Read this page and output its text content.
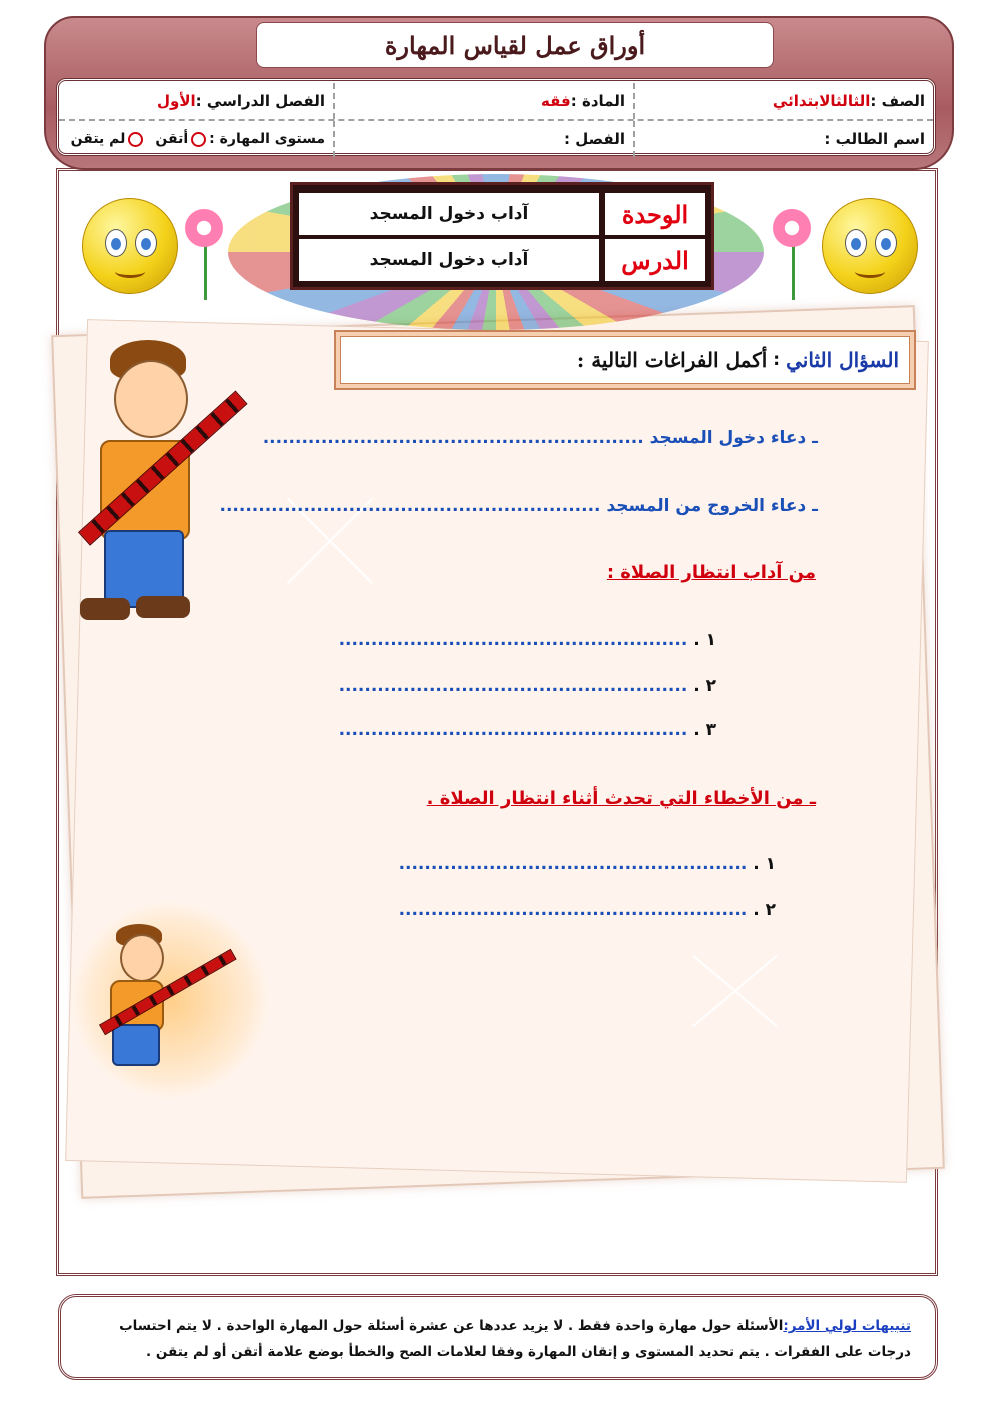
أوراق عمل لقياس المهارة
الصف :
الثالثالابتدائي
المادة :
فقه
الفصل الدراسي :
الأول
اسم الطالب :
الفصل :
مستوى المهارة :
أتقن
لم يتقن
الوحدة
آداب دخول المسجد
الدرس
آداب دخول المسجد
السؤال الثاني
:
أكمل الفراغات التالية :
ـ دعاء دخول المسجد ...........................................................
ـ دعاء الخروج من المسجد ...........................................................
من آداب انتظار الصلاة :
١ . ......................................................
٢ . ......................................................
٣ . ......................................................
ـ من الأخطاء التي تحدث أثناء انتظار الصلاة .
١ . ......................................................
٢ . ......................................................
تنبيهات لولي الأمر:الأسئلة حول مهارة واحدة فقط . لا يزيد عددها عن عشرة أسئلة حول المهارة الواحدة . لا يتم احتساب
درجات على الفقرات . يتم تحديد المستوى و إتقان المهارة وفقا لعلامات الصح والخطأ بوضع علامة أتقن أو لم يتقن .
